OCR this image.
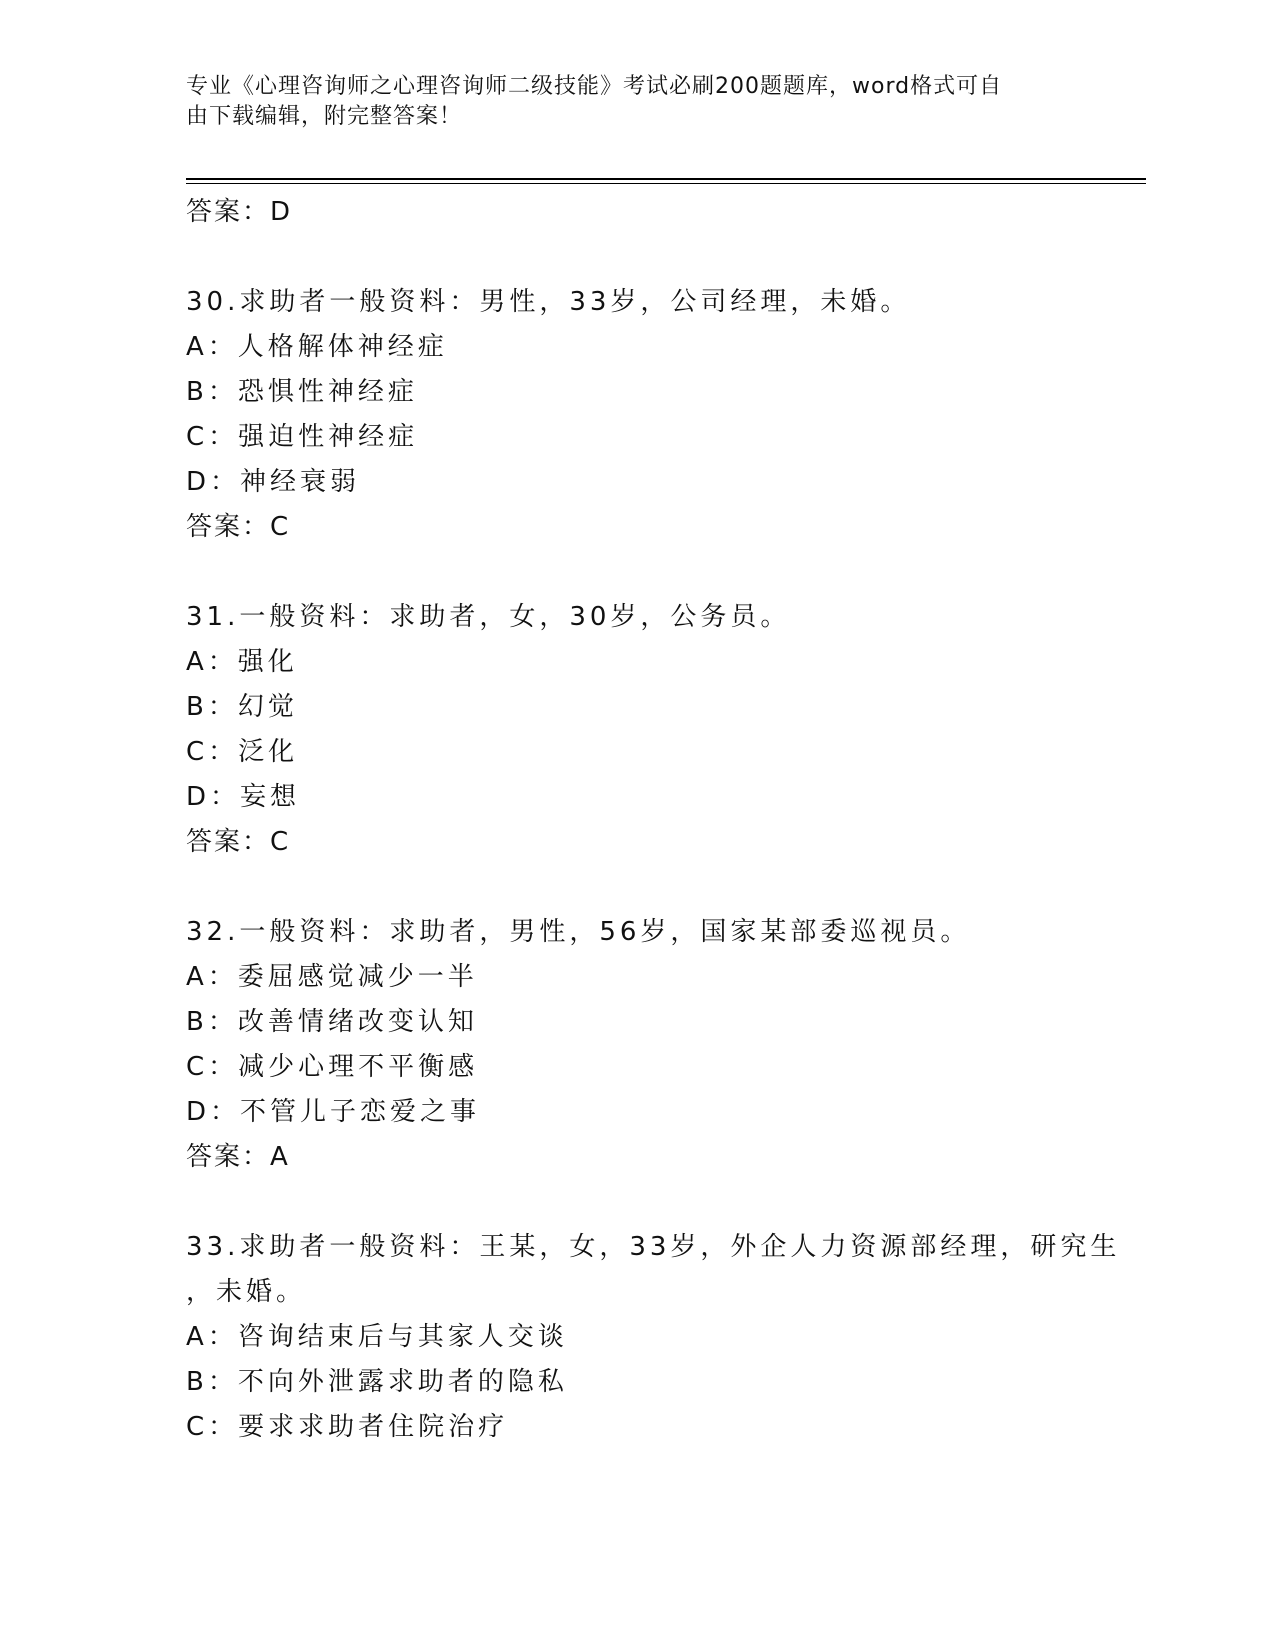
专业《心理咨询师之心理咨询师二级技能》考试必刷200题题库，word格式可自
由下载编辑，附完整答案！
答案：D
30.求助者一般资料：男性，33岁，公司经理，未婚。
A：人格解体神经症
B：恐惧性神经症
C：强迫性神经症
D：神经衰弱
答案：C
31.一般资料：求助者，女，30岁，公务员。
A：强化
B：幻觉
C：泛化
D：妄想
答案：C
32.一般资料：求助者，男性，56岁，国家某部委巡视员。
A：委屈感觉减少一半
B：改善情绪改变认知
C：减少心理不平衡感
D：不管儿子恋爱之事
答案：A
33.求助者一般资料：王某，女，33岁，外企人力资源部经理，研究生
，未婚。
A：咨询结束后与其家人交谈
B：不向外泄露求助者的隐私
C：要求求助者住院治疗
